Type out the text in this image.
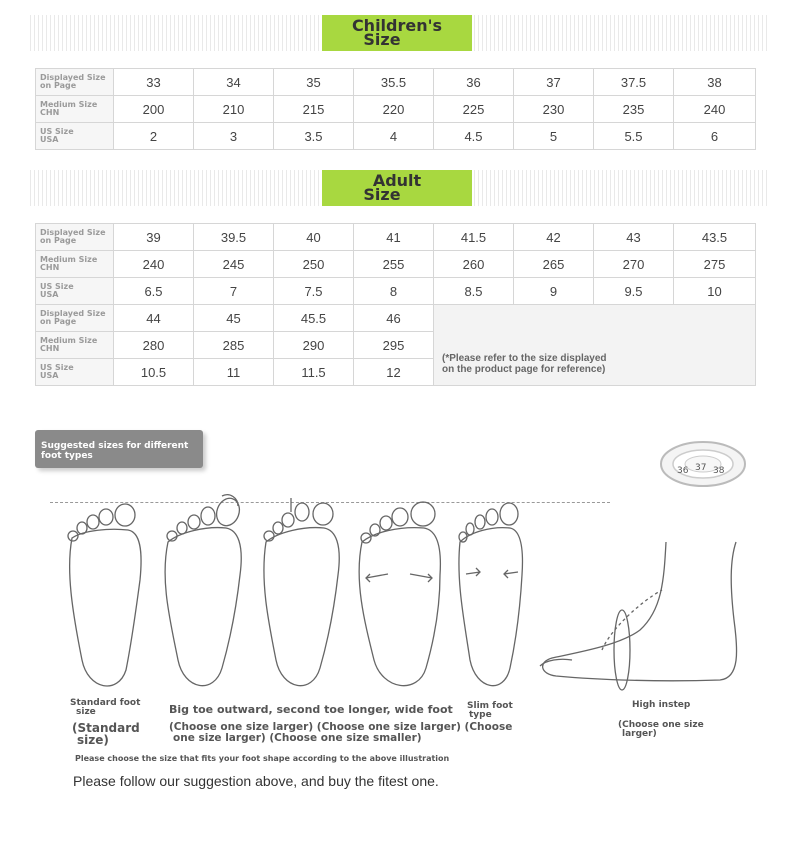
Children's
Size
Displayed Size
on Page	33	34	35	35.5	36	37	37.5	38
Medium Size
CHN	200	210	215	220	225	230	235	240
US Size
USA	2	3	3.5	4	4.5	5	5.5	6
Adult
Size
Displayed Size
on Page	39	39.5	40	41	41.5	42	43	43.5
Medium Size
CHN	240	245	250	255	260	265	270	275
US Size
USA	6.5	7	7.5	8	8.5	9	9.5	10
Displayed Size
on Page	44	45	45.5	46	(*Please refer to the size displayed
on the product page for reference)			
Medium Size
CHN	280	285	290	295				
US Size
USA	10.5	11	11.5	12				
Suggested sizes for different
foot types
36 37 38
Standard foot
size	Big toe outward, second toe longer, wide foot Slim foot
type
High instep
(Standard
size)
(Choose one size larger) (Choose one size larger) (Choose
one size larger) (Choose one size smaller)
(Choose one size
larger)
Please choose the size that fits your foot shape according to the above illustration
Please follow our suggestion above, and buy the fitest one.
